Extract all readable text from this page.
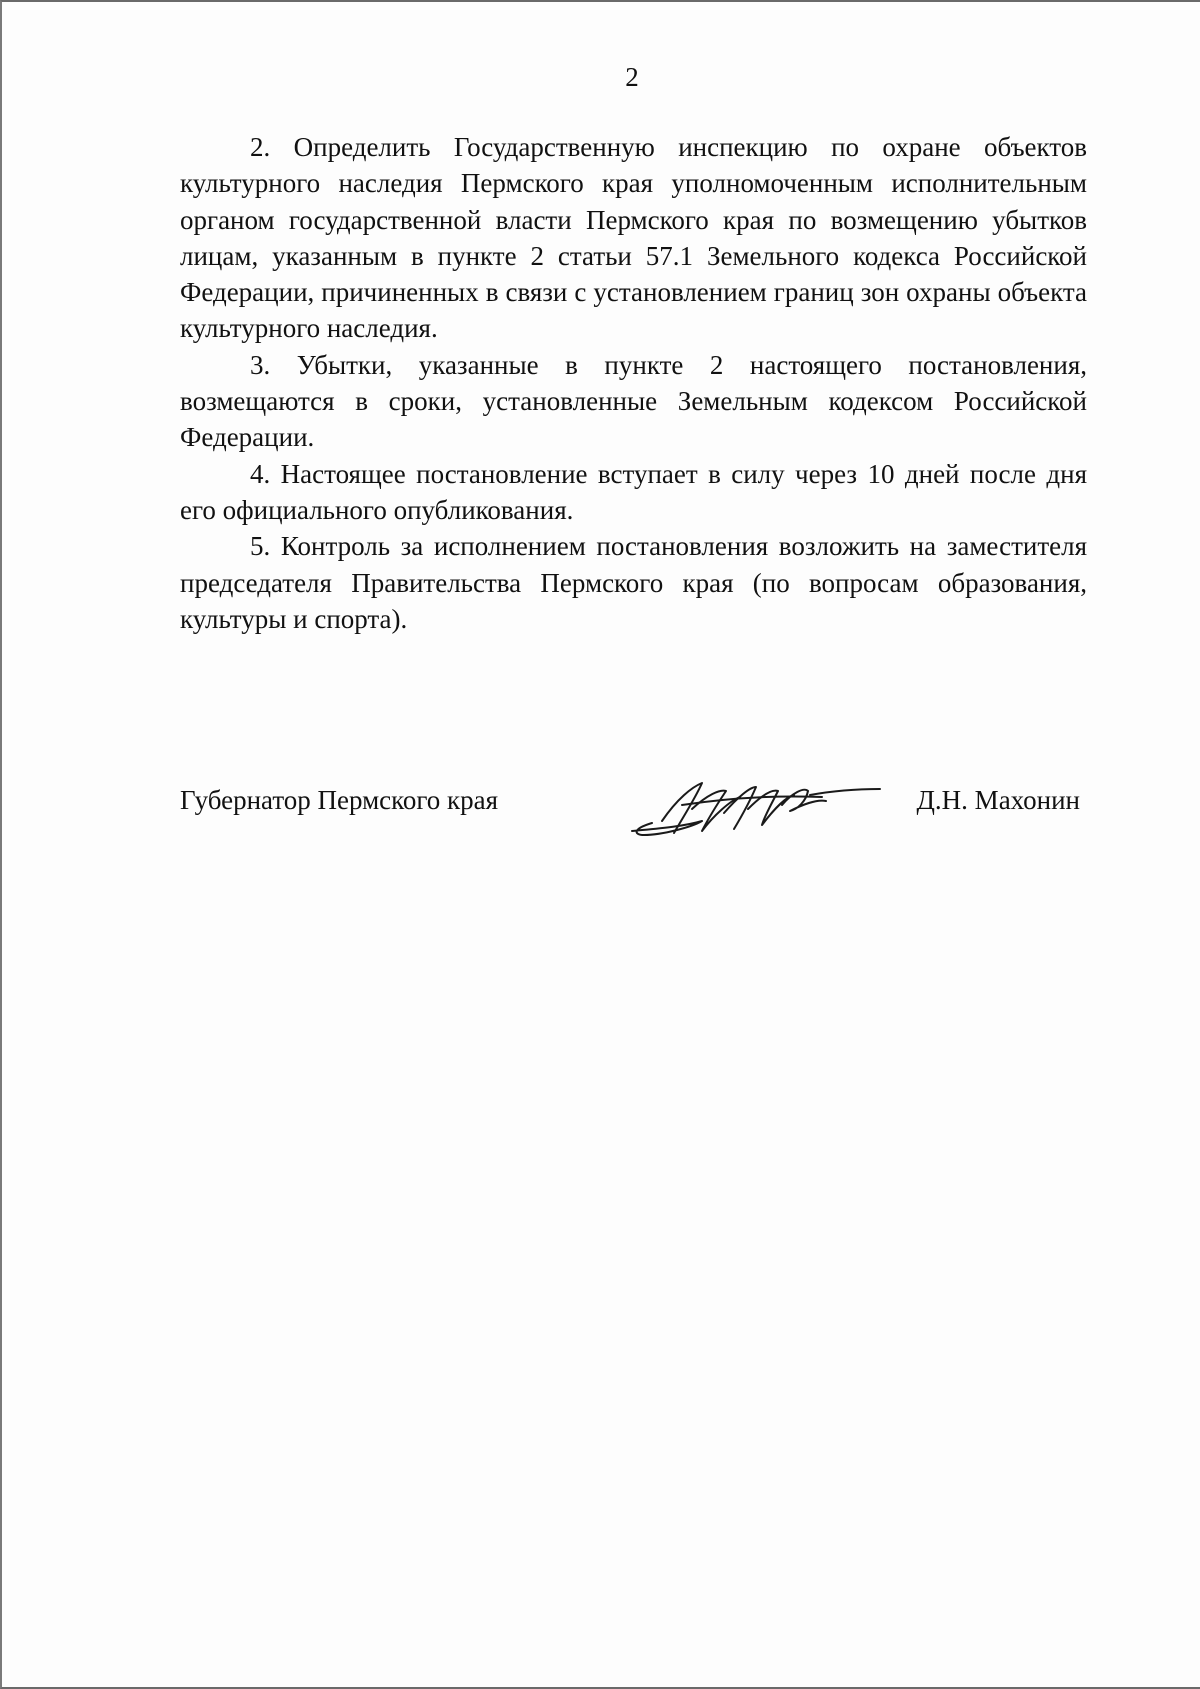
2

2. Определить Государственную инспекцию по охране объектов культурного наследия Пермского края уполномоченным исполнительным органом государственной власти Пермского края по возмещению убытков лицам, указанным в пункте 2 статьи 57.1 Земельного кодекса Российской Федерации, причиненных в связи с установлением границ зон охраны объекта культурного наследия.

3. Убытки, указанные в пункте 2 настоящего постановления, возмещаются в сроки, установленные Земельным кодексом Российской Федерации.

4. Настоящее постановление вступает в силу через 10 дней после дня его официального опубликования.

5. Контроль за исполнением постановления возложить на заместителя председателя Правительства Пермского края (по вопросам образования, культуры и спорта).

Губернатор Пермского края	Д.Н. Махонин
